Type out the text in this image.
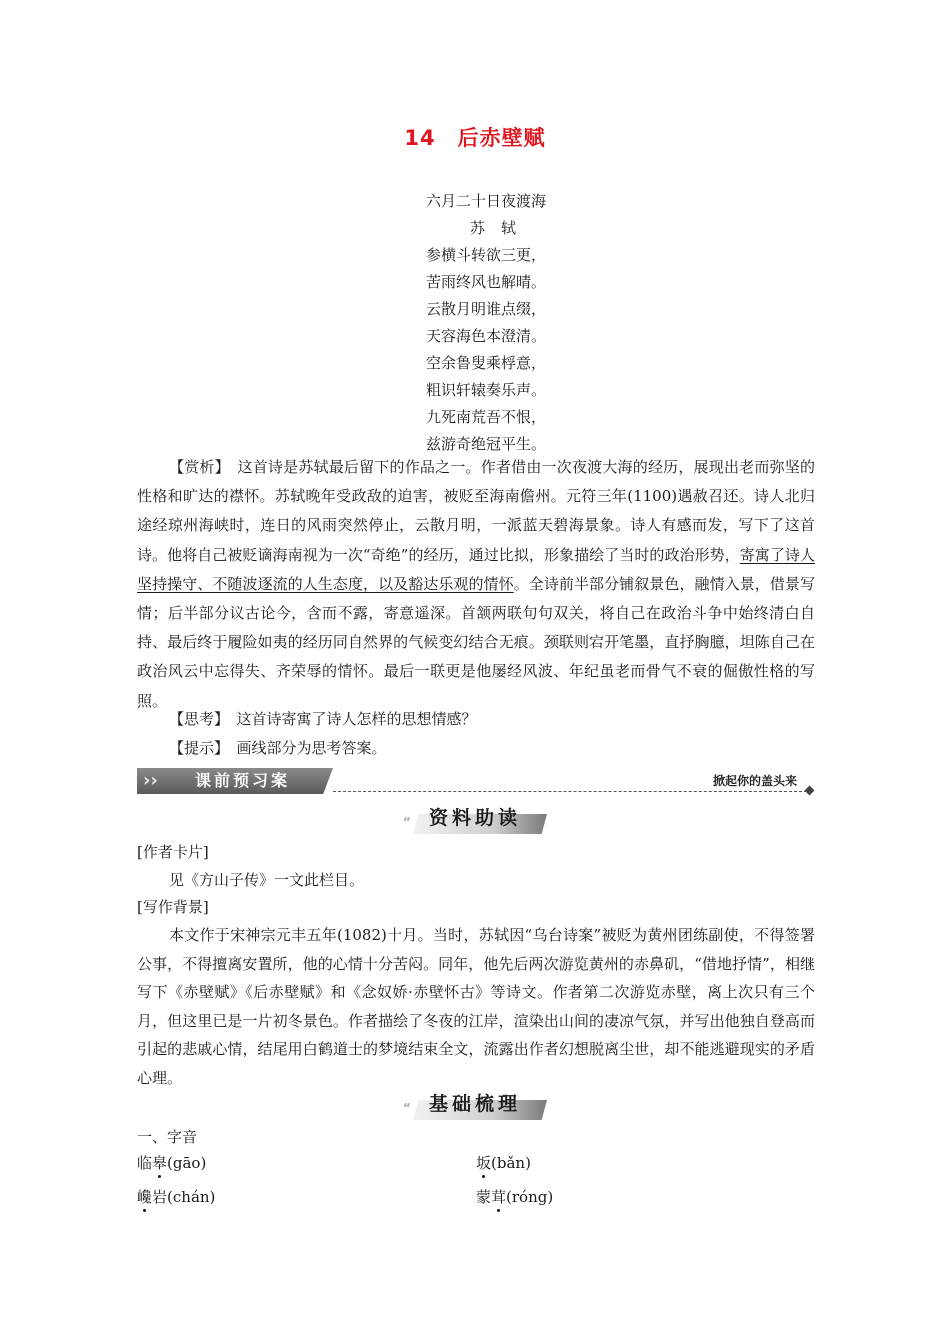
14　后赤壁赋
六月二十日夜渡海
苏 轼
参横斗转欲三更，
苦雨终风也解晴。
云散月明谁点缀，
天容海色本澄清。
空余鲁叟乘桴意，
粗识轩辕奏乐声。
九死南荒吾不恨，
兹游奇绝冠平生。
【赏析】　 这首诗是苏轼最后留下的作品之一。作者借由一次夜渡大海的经历，展现出老而弥坚的性格和旷达的襟怀。苏轼晚年受政敌的迫害，被贬至海南儋州。元符三年(1100)遇赦召还。诗人北归途经琼州海峡时，连日的风雨突然停止，云散月明，一派蓝天碧海景象。诗人有感而发，写下了这首诗。他将自己被贬谪海南视为一次“奇绝”的经历，通过比拟，形象描绘了当时的政治形势，寄寓了诗人坚持操守、不随波逐流的人生态度，以及豁达乐观的情怀。全诗前半部分铺叙景色，融情入景，借景写情；后半部分议古论今，含而不露，寄意遥深。首颔两联句句双关，将自己在政治斗争中始终清白自持、最后终于履险如夷的经历同自然界的气候变幻结合无痕。颈联则宕开笔墨，直抒胸臆，坦陈自己在政治风云中忘得失、齐荣辱的情怀。最后一联更是他屡经风波、年纪虽老而骨气不衰的倔傲性格的写照。
【思考】　 这首诗寄寓了诗人怎样的思想情感？
【提示】　 画线部分为思考答案。
›› 课前预习案	掀起你的盖头来
“ 资料助读
[作者卡片]
见《方山子传》一文此栏目。
[写作背景]
本文作于宋神宗元丰五年(1082)十月。当时，苏轼因“乌台诗案”被贬为黄州团练副使，不得签署公事，不得擅离安置所，他的心情十分苦闷。同年，他先后两次游览黄州的赤鼻矶，“借地抒情”，相继写下《赤壁赋》《后赤壁赋》和《念奴娇·赤壁怀古》等诗文。作者第二次游览赤壁，离上次只有三个月，但这里已是一片初冬景色。作者描绘了冬夜的江岸，渲染出山间的凄凉气氛，并写出他独自登高而引起的悲戚心情，结尾用白鹤道士的梦境结束全文，流露出作者幻想脱离尘世，却不能逃避现实的矛盾心理。
“ 基础梳理
一、字音
临皋(gāo)	坂(bǎn)
巉岩(chán)	蒙茸(róng)
